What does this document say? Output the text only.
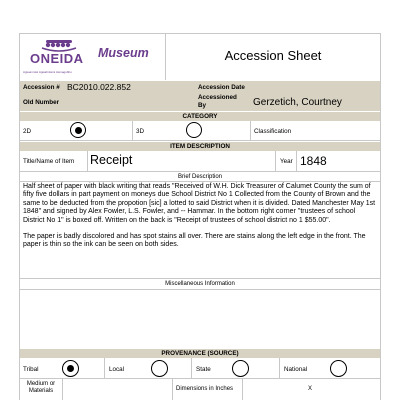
ONEIDA
Agweinmisi Agwahnlami Asmagobho
Museum	Accession Sheet
Accession # BC2010.022.852	Accession Date
Old Number
Accessioned By	Gerzetich, Courtney
CATEGORY
2D	3D	Classification
ITEM DESCRIPTION
Title/Name of Item Receipt	Year 1848
Brief Description
Half sheet of paper with black writing that reads "Received of W.H. Dick Treasurer of Calumet County the sum of fifty five dollars in part payment on moneys due School District No 1 Collected from the County of Brown and the same to be deducted from the propotion [sic] a lotted to said District when it is divided. Dated Manchester May 1st 1848" and signed by Alex Fowler, L.S. Fowler, and -- Hammar. In the bottom right corner "trustees of school District No 1" is boxed off. Written on the back is "Receipt of trustees of school district no 1 $55.00".
The paper is badly discolored and has spot stains all over. There are stains along the left edge in the front. The paper is thin so the ink can be seen on both sides.
Miscellaneous Information
PROVENANCE (SOURCE)
Tribal	Local	State	National
Medium or Materials	Dimensions in Inches	X
